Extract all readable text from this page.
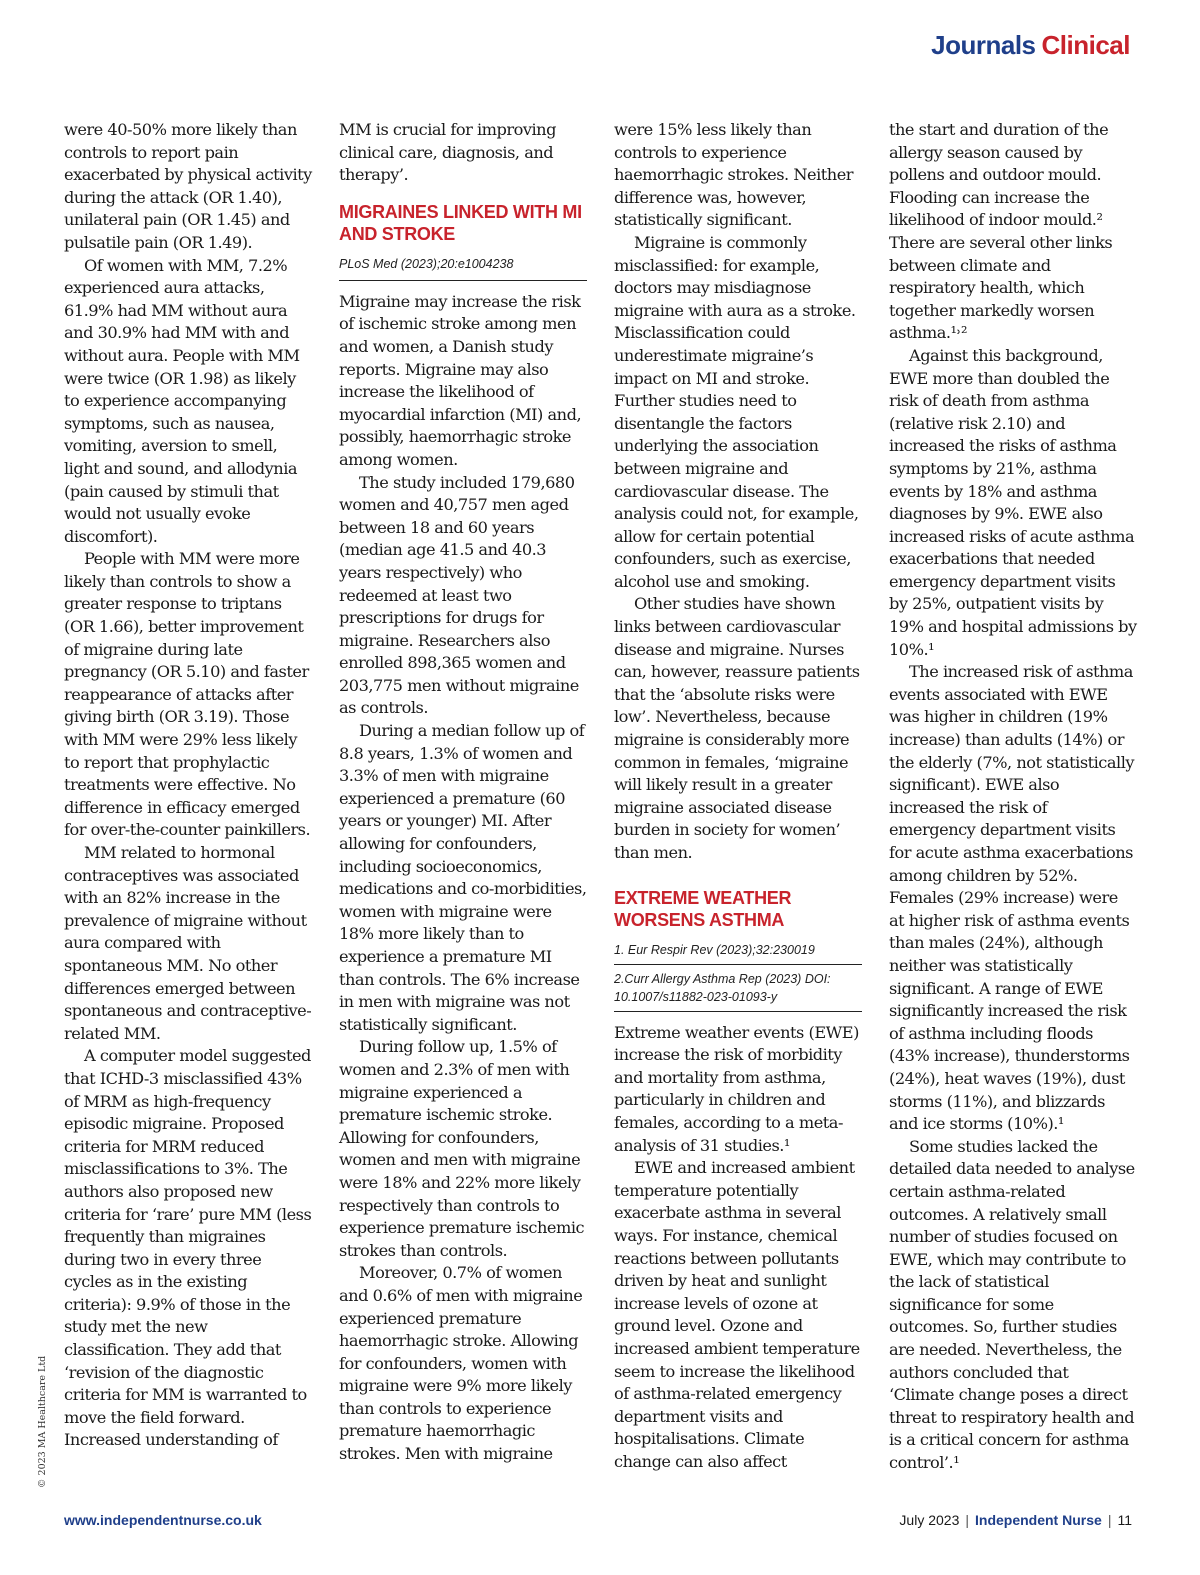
Journals Clinical
© 2023 MA Healthcare Ltd

were 40-50% more likely than controls to report pain exacerbated by physical activity during the attack (OR 1.40), unilateral pain (OR 1.45) and pulsatile pain (OR 1.49).

Of women with MM, 7.2% experienced aura attacks, 61.9% had MM without aura and 30.9% had MM with and without aura. People with MM were twice (OR 1.98) as likely to experience accompanying symptoms, such as nausea, vomiting, aversion to smell, light and sound, and allodynia (pain caused by stimuli that would not usually evoke discomfort).

People with MM were more likely than controls to show a greater response to triptans (OR 1.66), better improvement of migraine during late pregnancy (OR 5.10) and faster reappearance of attacks after giving birth (OR 3.19). Those with MM were 29% less likely to report that prophylactic treatments were effective. No difference in efficacy emerged for over-the-counter painkillers.

MM related to hormonal contraceptives was associated with an 82% increase in the prevalence of migraine without aura compared with spontaneous MM. No other differences emerged between spontaneous and contraceptive-related MM.

A computer model suggested that ICHD-3 misclassified 43% of MRM as high-frequency episodic migraine. Proposed criteria for MRM reduced misclassifications to 3%. The authors also proposed new criteria for ‘rare’ pure MM (less frequently than migraines during two in every three cycles as in the existing criteria): 9.9% of those in the study met the new classification. They add that ‘revision of the diagnostic criteria for MM is warranted to move the field forward. Increased understanding of

MM is crucial for improving clinical care, diagnosis, and therapy’.

MIGRAINES LINKED WITH MI AND STROKE
PLoS Med (2023);20:e1004238

Migraine may increase the risk of ischemic stroke among men and women, a Danish study reports. Migraine may also increase the likelihood of myocardial infarction (MI) and, possibly, haemorrhagic stroke among women.

The study included 179,680 women and 40,757 men aged between 18 and 60 years (median age 41.5 and 40.3 years respectively) who redeemed at least two prescriptions for drugs for migraine. Researchers also enrolled 898,365 women and 203,775 men without migraine as controls.

During a median follow up of 8.8 years, 1.3% of women and 3.3% of men with migraine experienced a premature (60 years or younger) MI. After allowing for confounders, including socioeconomics, medications and co-morbidities, women with migraine were 18% more likely than to experience a premature MI than controls. The 6% increase in men with migraine was not statistically significant.

During follow up, 1.5% of women and 2.3% of men with migraine experienced a premature ischemic stroke. Allowing for confounders, women and men with migraine were 18% and 22% more likely respectively than controls to experience premature ischemic strokes than controls.

Moreover, 0.7% of women and 0.6% of men with migraine experienced premature haemorrhagic stroke. Allowing for confounders, women with migraine were 9% more likely than controls to experience premature haemorrhagic strokes. Men with migraine

were 15% less likely than controls to experience haemorrhagic strokes. Neither difference was, however, statistically significant.

Migraine is commonly misclassified: for example, doctors may misdiagnose migraine with aura as a stroke. Misclassification could underestimate migraine’s impact on MI and stroke. Further studies need to disentangle the factors underlying the association between migraine and cardiovascular disease. The analysis could not, for example, allow for certain potential confounders, such as exercise, alcohol use and smoking.

Other studies have shown links between cardiovascular disease and migraine. Nurses can, however, reassure patients that the ‘absolute risks were low’. Nevertheless, because migraine is considerably more common in females, ‘migraine will likely result in a greater migraine associated disease burden in society for women’ than men.

EXTREME WEATHER WORSENS ASTHMA
1. Eur Respir Rev (2023);32:230019
2.Curr Allergy Asthma Rep (2023) DOI: 10.1007/s11882-023-01093-y

Extreme weather events (EWE) increase the risk of morbidity and mortality from asthma, particularly in children and females, according to a meta-analysis of 31 studies.¹

EWE and increased ambient temperature potentially exacerbate asthma in several ways. For instance, chemical reactions between pollutants driven by heat and sunlight increase levels of ozone at ground level. Ozone and increased ambient temperature seem to increase the likelihood of asthma-related emergency department visits and hospitalisations. Climate change can also affect

the start and duration of the allergy season caused by pollens and outdoor mould. Flooding can increase the likelihood of indoor mould.² There are several other links between climate and respiratory health, which together markedly worsen asthma.¹˒²

Against this background, EWE more than doubled the risk of death from asthma (relative risk 2.10) and increased the risks of asthma symptoms by 21%, asthma events by 18% and asthma diagnoses by 9%. EWE also increased risks of acute asthma exacerbations that needed emergency department visits by 25%, outpatient visits by 19% and hospital admissions by 10%.¹

The increased risk of asthma events associated with EWE was higher in children (19% increase) than adults (14%) or the elderly (7%, not statistically significant). EWE also increased the risk of emergency department visits for acute asthma exacerbations among children by 52%. Females (29% increase) were at higher risk of asthma events than males (24%), although neither was statistically significant. A range of EWE significantly increased the risk of asthma including floods (43% increase), thunderstorms (24%), heat waves (19%), dust storms (11%), and blizzards and ice storms (10%).¹

Some studies lacked the detailed data needed to analyse certain asthma-related outcomes. A relatively small number of studies focused on EWE, which may contribute to the lack of statistical significance for some outcomes. So, further studies are needed. Nevertheless, the authors concluded that ‘Climate change poses a direct threat to respiratory health and is a critical concern for asthma control’.¹

www.independentnurse.co.uk	July 2023 | Independent Nurse | 11
